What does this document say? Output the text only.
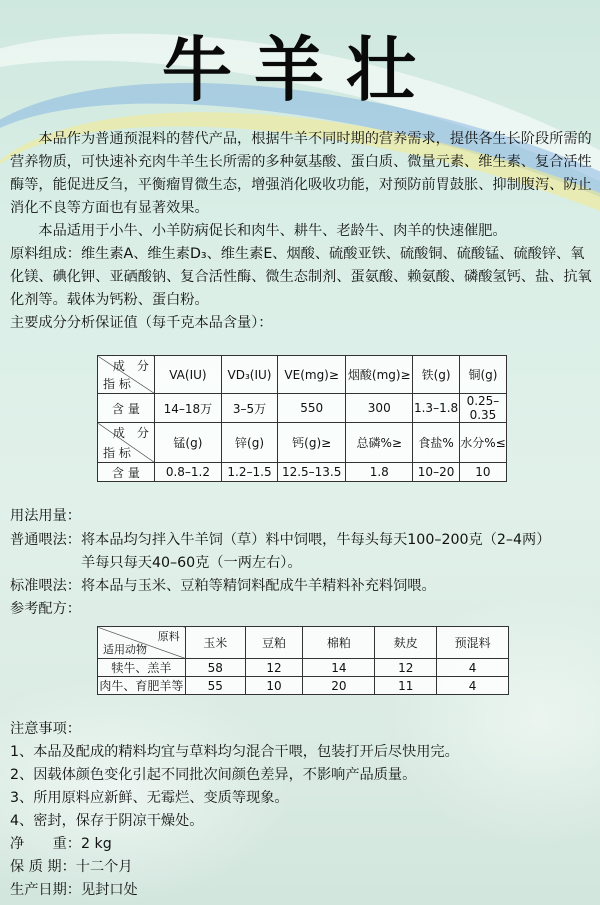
牛羊壮

本品作为普通预混料的替代产品，根据牛羊不同时期的营养需求，提供各生长阶段所需的营养物质，可快速补充肉牛羊生长所需的多种氨基酸、蛋白质、微量元素、维生素、复合活性酶等，能促进反刍，平衡瘤胃微生态，增强消化吸收功能，对预防前胃鼓胀、抑制腹泻、防止消化不良等方面也有显著效果。

本品适用于小牛、小羊防病促长和肉牛、耕牛、老龄牛、肉羊的快速催肥。

原料组成：维生素A、维生素D₃、维生素E、烟酸、硫酸亚铁、硫酸铜、硫酸锰、硫酸锌、氧化镁、碘化钾、亚硒酸钠、复合活性酶、微生态制剂、蛋氨酸、赖氨酸、磷酸氢钙、盐、抗氧化剂等。载体为钙粉、蛋白粉。

主要成分分析保证值（每千克本品含量）：

成　分
指 标	VA(IU)	VD₃(IU)	VE(mg)≥	烟酸(mg)≥	铁(g)	铜(g)
含 量	14–18万	3–5万	550	300	1.3–1.8	0.25–0.35

成　分
指 标	锰(g)	锌(g)	钙(g)≥	总磷%≥	食盐%	水分%≤
含 量	0.8–1.2	1.2–1.5	12.5–13.5	1.8	10–20	10
用法用量：
普通喂法：将本品均匀拌入牛羊饲（草）料中饲喂，牛每头每天100–200克（2–4两）
羊每只每天40–60克（一两左右）。
标准喂法：将本品与玉米、豆粕等精饲料配成牛羊精料补充料饲喂。
参考配方：
原料
适用动物	玉米	豆粕	棉粕	麸皮	预混料
犊牛、羔羊	58	12	14	12	4
肉牛、育肥羊等	55	10	20	11	4
注意事项：
1、本品及配成的精料均宜与草料均匀混合干喂，包装打开后尽快用完。
2、因载体颜色变化引起不同批次间颜色差异，不影响产品质量。
3、所用原料应新鲜、无霉烂、变质等现象。
4、密封，保存于阴凉干燥处。
净　　重：2 kg
保 质 期：十二个月
生产日期：见封口处
